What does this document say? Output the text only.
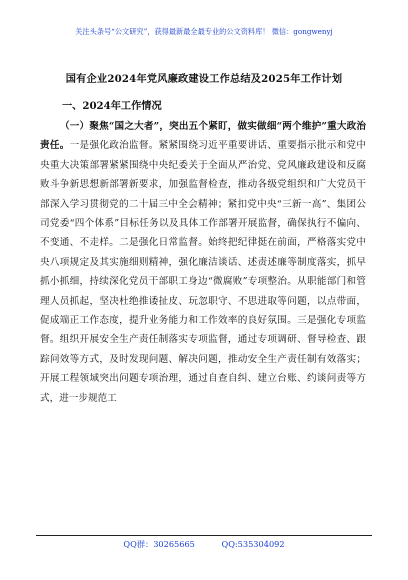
关注头条号“公文研究”，获得最新最全最专业的公文资料库！ 微信：gongwenyj
国有企业2024年党风廉政建设工作总结及2025年工作计划
一、2024年工作情况

（一）聚焦“国之大者”，突出五个紧盯，做实做细“两个维护”重大政治责任。一是强化政治监督。紧紧围绕习近平重要讲话、重要指示批示和党中央重大决策部署紧紧围绕中央纪委关于全面从严治党、党风廉政建设和反腐败斗争新思想新部署新要求，加强监督检查，推动各级党组织和广大党员干部深入学习贯彻党的二十届三中全会精神；紧扣党中央“三新一高”、集团公司党委“四个体系”目标任务以及具体工作部署开展监督，确保执行不偏向、不变通、不走样。二是强化日常监督。始终把纪律挺在前面，严格落实党中央八项规定及其实施细则精神，强化廉洁谈话、述责述廉等制度落实，抓早抓小抓细，持续深化党员干部职工身边“微腐败”专项整治。从职能部门和管理人员抓起，坚决杜绝推诿扯皮、玩忽职守、不思进取等问题，以点带面，促成端正工作态度，提升业务能力和工作效率的良好氛围。三是强化专项监督。组织开展安全生产责任制落实专项监督，通过专项调研、督导检查、跟踪问效等方式，及时发现问题、解决问题，推动安全生产责任制有效落实；开展工程领域突出问题专项治理，通过自查自纠、建立台账、约谈问责等方式，进一步规范工

QQ群：30265665	QQ:535304092
